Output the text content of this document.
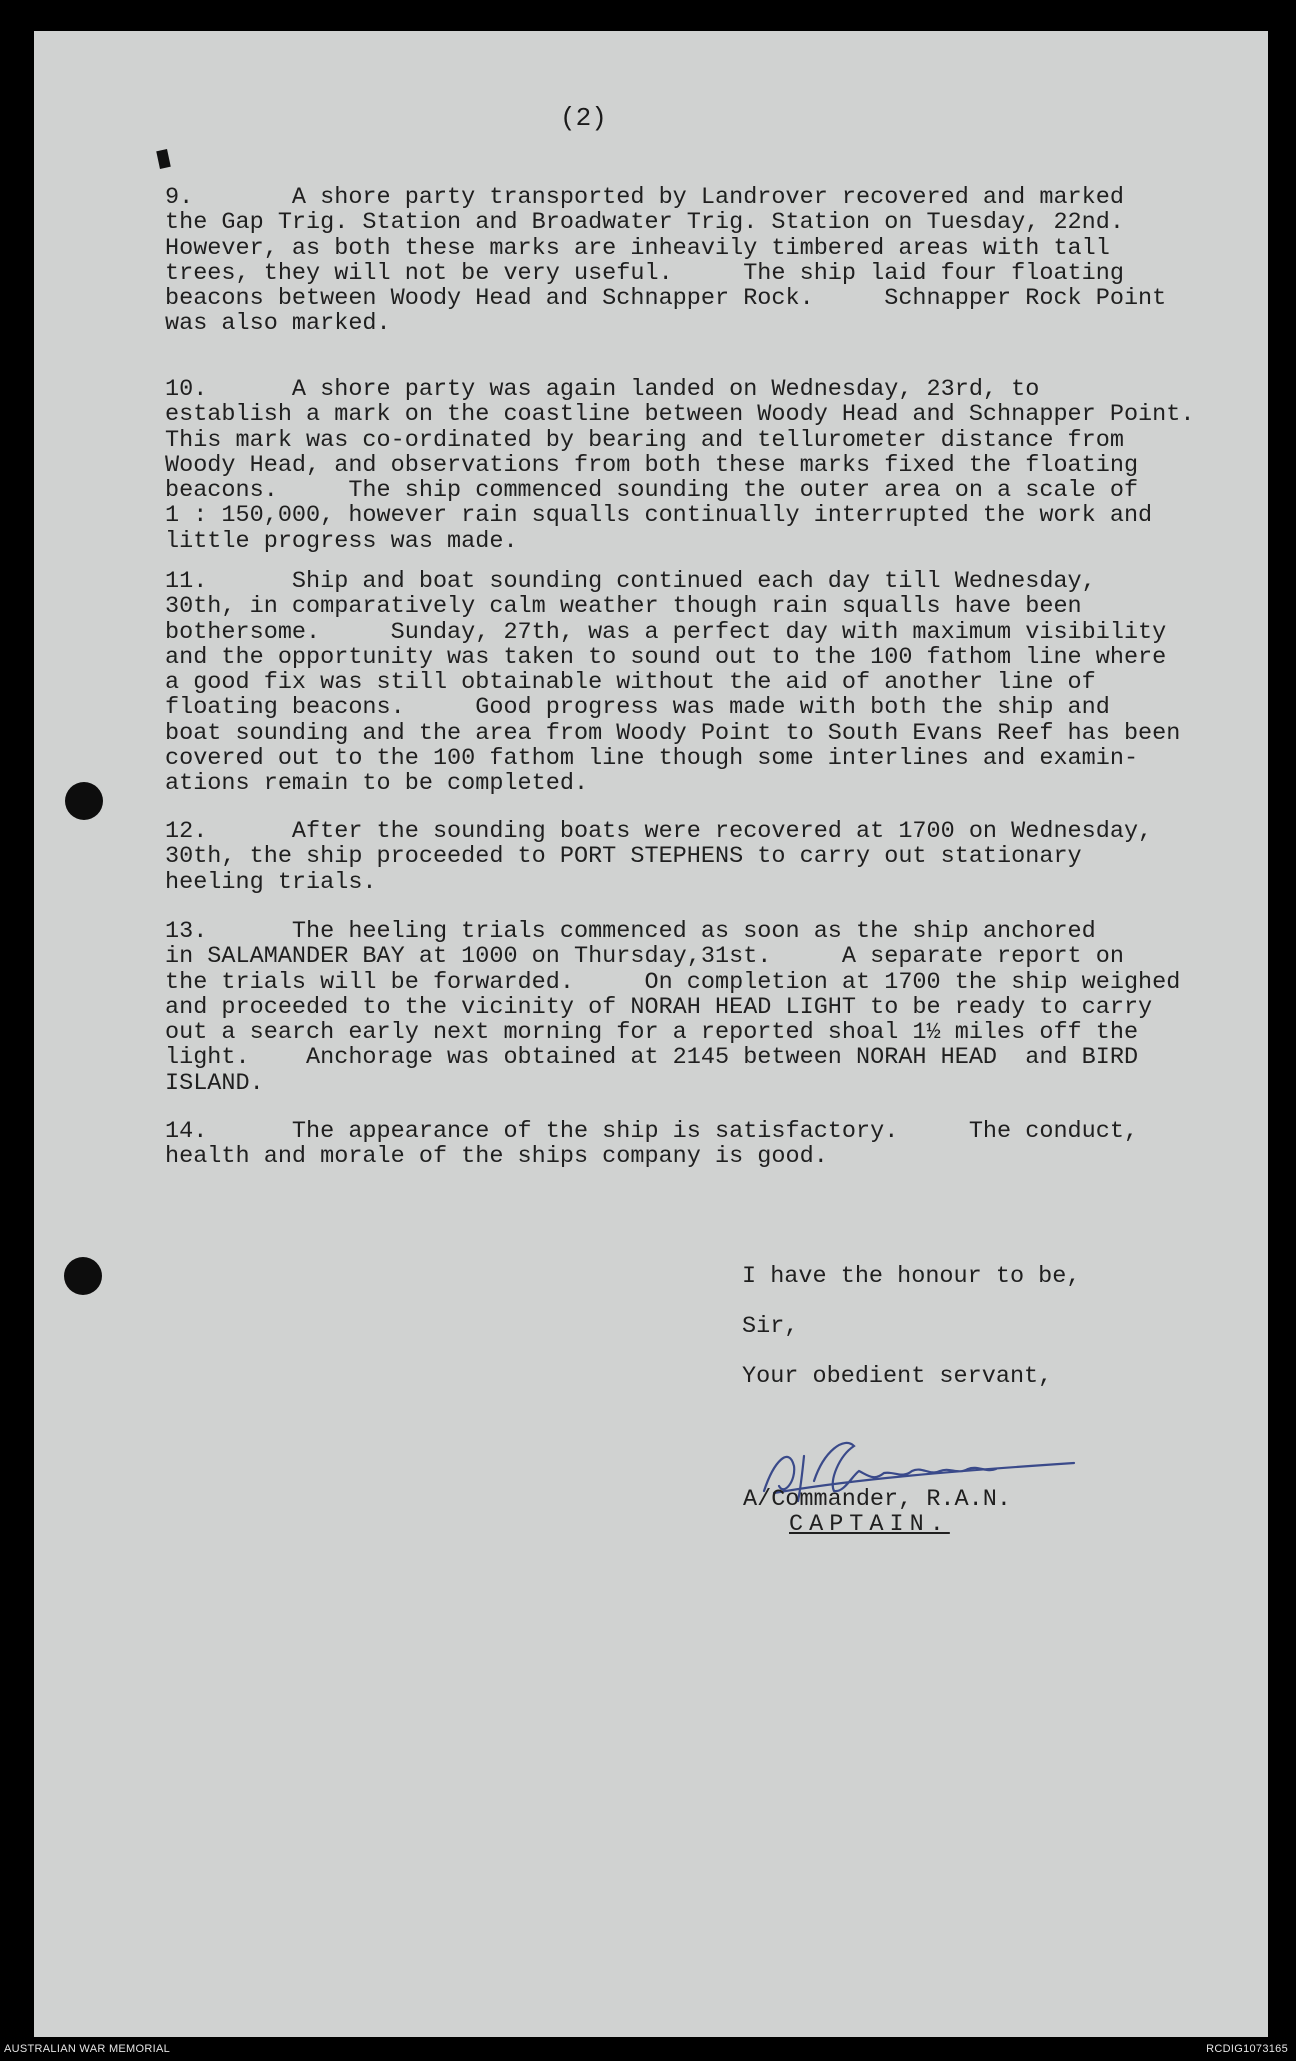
(2)
9.       A shore party transported by Landrover recovered and marked
the Gap Trig. Station and Broadwater Trig. Station on Tuesday, 22nd.
However, as both these marks are inheavily timbered areas with tall
trees, they will not be very useful.     The ship laid four floating
beacons between Woody Head and Schnapper Rock.     Schnapper Rock Point
was also marked.
10.      A shore party was again landed on Wednesday, 23rd, to
establish a mark on the coastline between Woody Head and Schnapper Point.
This mark was co-ordinated by bearing and tellurometer distance from
Woody Head, and observations from both these marks fixed the floating
beacons.     The ship commenced sounding the outer area on a scale of
1 : 150,000, however rain squalls continually interrupted the work and
little progress was made.
11.      Ship and boat sounding continued each day till Wednesday,
30th, in comparatively calm weather though rain squalls have been
bothersome.     Sunday, 27th, was a perfect day with maximum visibility
and the opportunity was taken to sound out to the 100 fathom line where
a good fix was still obtainable without the aid of another line of
floating beacons.     Good progress was made with both the ship and
boat sounding and the area from Woody Point to South Evans Reef has been
covered out to the 100 fathom line though some interlines and examin-
ations remain to be completed.
12.      After the sounding boats were recovered at 1700 on Wednesday,
30th, the ship proceeded to PORT STEPHENS to carry out stationary
heeling trials.
13.      The heeling trials commenced as soon as the ship anchored
in SALAMANDER BAY at 1000 on Thursday,31st.     A separate report on
the trials will be forwarded.     On completion at 1700 the ship weighed
and proceeded to the vicinity of NORAH HEAD LIGHT to be ready to carry
out a search early next morning for a reported shoal 1½ miles off the
light.    Anchorage was obtained at 2145 between NORAH HEAD  and BIRD
ISLAND.
14.      The appearance of the ship is satisfactory.     The conduct,
health and morale of the ships company is good.
I have the honour to be,
Sir,
Your obedient servant,
A/Commander, R.A.N.
CAPTAIN.
AUSTRALIAN WAR MEMORIAL	RCDIG1073165
